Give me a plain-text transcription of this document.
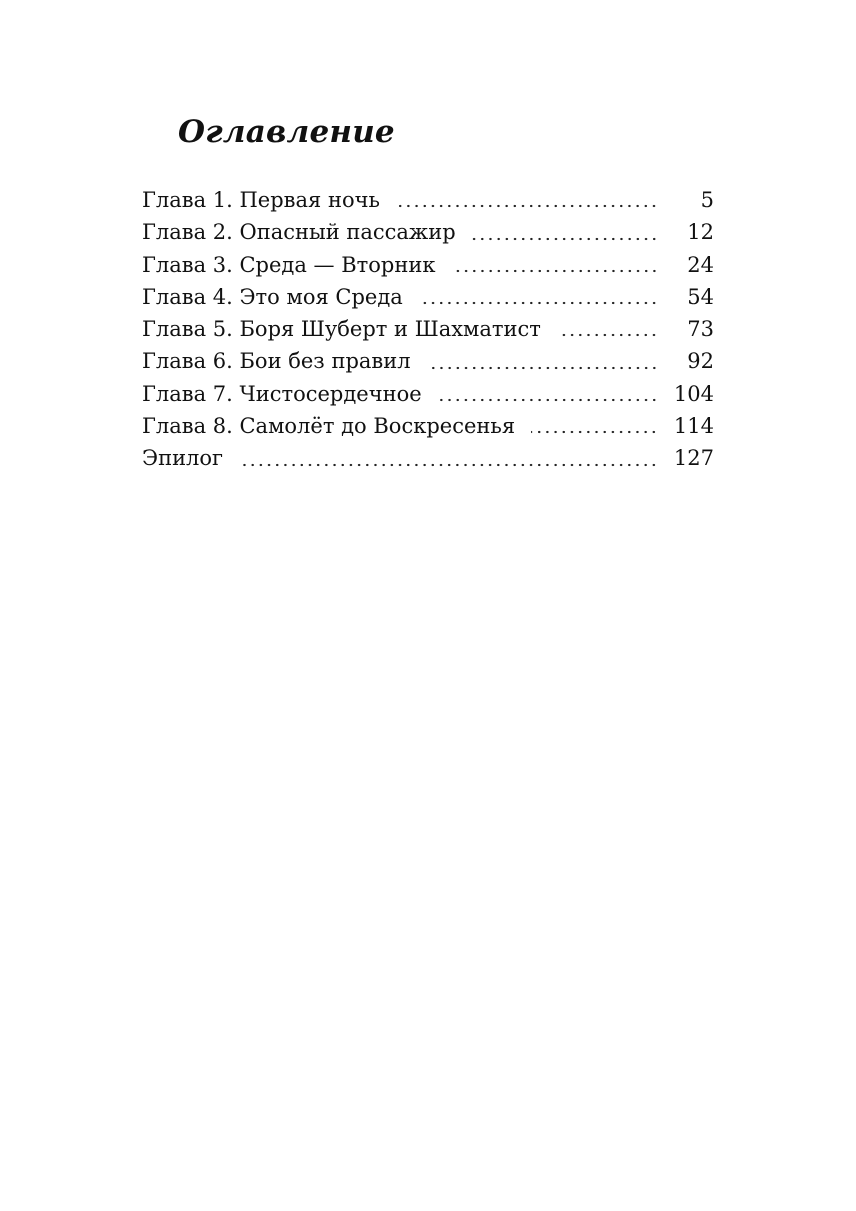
Оглавление
Глава 1. Первая ночь	5
Глава 2. Опасный пассажир	12
Глава 3. Среда — Вторник	24
Глава 4. Это моя Среда	54
Глава 5. Боря Шуберт и Шахматист	73
Глава 6. Бои без правил	92
Глава 7. Чистосердечное	104
Глава 8. Самолёт до Воскресенья	114
Эпилог	127
